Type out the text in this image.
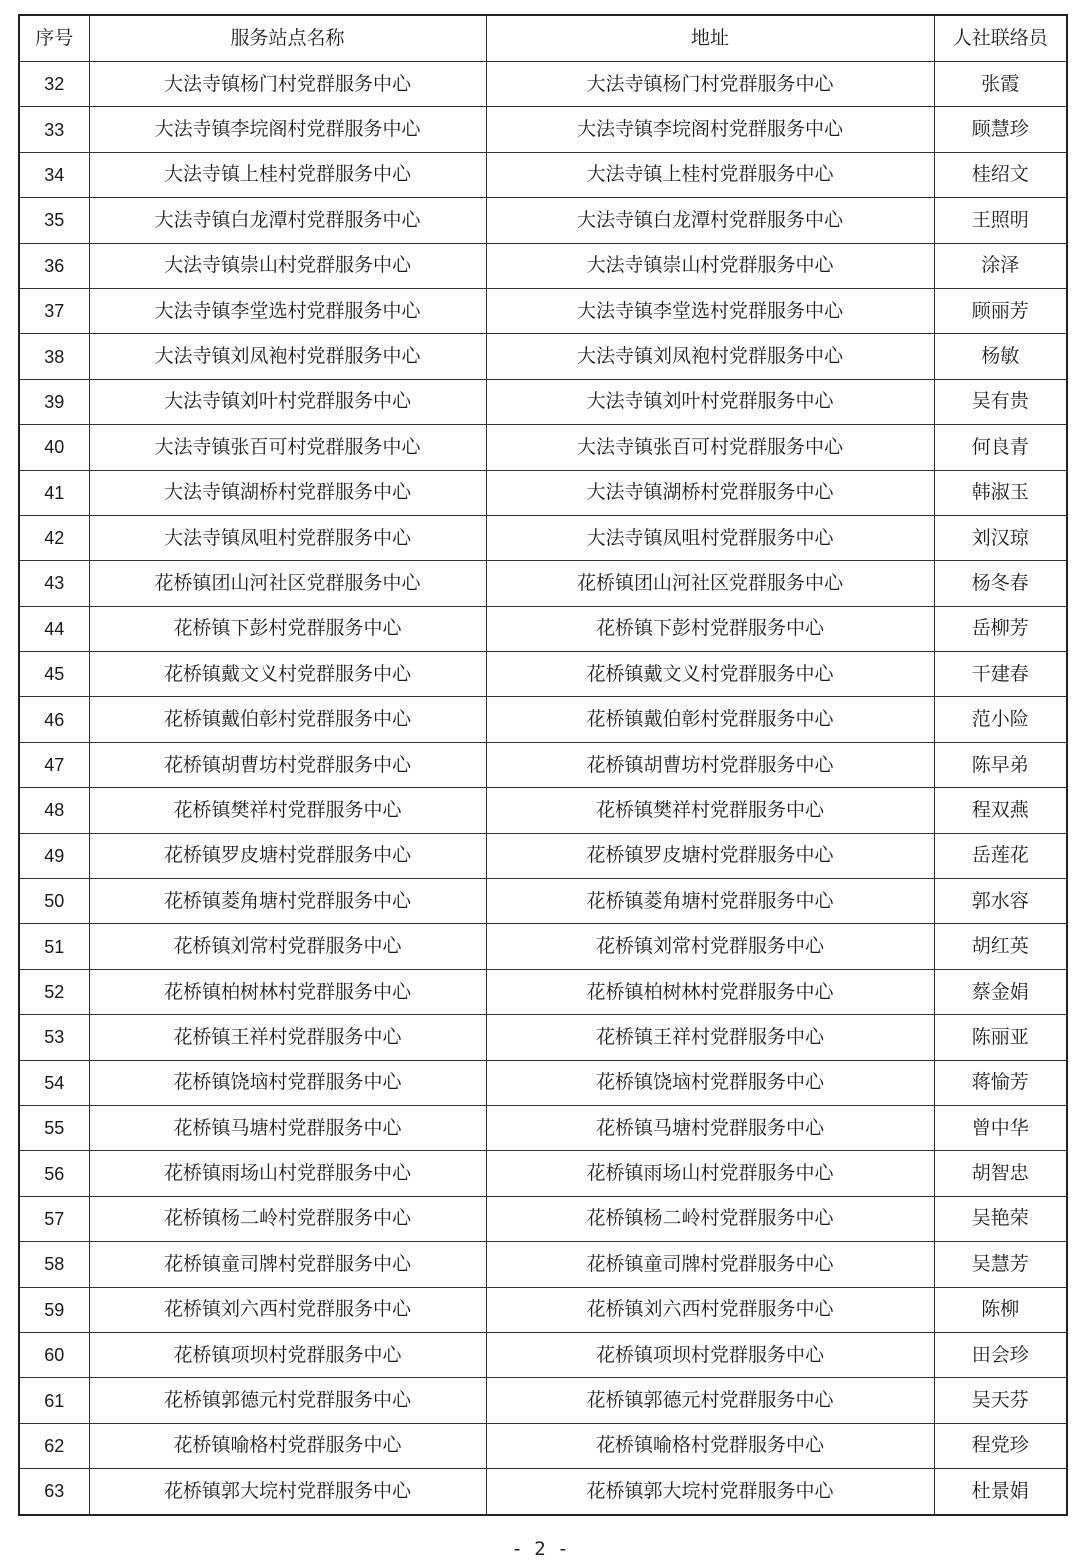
序号	服务站点名称	地址	人社联络员
32	大法寺镇杨门村党群服务中心	大法寺镇杨门村党群服务中心	张霞
33	大法寺镇李垸阁村党群服务中心	大法寺镇李垸阁村党群服务中心	顾慧珍
34	大法寺镇上桂村党群服务中心	大法寺镇上桂村党群服务中心	桂绍文
35	大法寺镇白龙潭村党群服务中心	大法寺镇白龙潭村党群服务中心	王照明
36	大法寺镇崇山村党群服务中心	大法寺镇崇山村党群服务中心	涂泽
37	大法寺镇李堂选村党群服务中心	大法寺镇李堂选村党群服务中心	顾丽芳
38	大法寺镇刘凤袍村党群服务中心	大法寺镇刘凤袍村党群服务中心	杨敏
39	大法寺镇刘叶村党群服务中心	大法寺镇刘叶村党群服务中心	吴有贵
40	大法寺镇张百可村党群服务中心	大法寺镇张百可村党群服务中心	何良青
41	大法寺镇湖桥村党群服务中心	大法寺镇湖桥村党群服务中心	韩淑玉
42	大法寺镇凤咀村党群服务中心	大法寺镇凤咀村党群服务中心	刘汉琼
43	花桥镇团山河社区党群服务中心	花桥镇团山河社区党群服务中心	杨冬春
44	花桥镇下彭村党群服务中心	花桥镇下彭村党群服务中心	岳柳芳
45	花桥镇戴文义村党群服务中心	花桥镇戴文义村党群服务中心	干建春
46	花桥镇戴伯彰村党群服务中心	花桥镇戴伯彰村党群服务中心	范小险
47	花桥镇胡曹坊村党群服务中心	花桥镇胡曹坊村党群服务中心	陈早弟
48	花桥镇樊祥村党群服务中心	花桥镇樊祥村党群服务中心	程双燕
49	花桥镇罗皮塘村党群服务中心	花桥镇罗皮塘村党群服务中心	岳莲花
50	花桥镇菱角塘村党群服务中心	花桥镇菱角塘村党群服务中心	郭水容
51	花桥镇刘常村党群服务中心	花桥镇刘常村党群服务中心	胡红英
52	花桥镇柏树林村党群服务中心	花桥镇柏树林村党群服务中心	蔡金娟
53	花桥镇王祥村党群服务中心	花桥镇王祥村党群服务中心	陈丽亚
54	花桥镇饶垴村党群服务中心	花桥镇饶垴村党群服务中心	蒋愉芳
55	花桥镇马塘村党群服务中心	花桥镇马塘村党群服务中心	曾中华
56	花桥镇雨场山村党群服务中心	花桥镇雨场山村党群服务中心	胡智忠
57	花桥镇杨二岭村党群服务中心	花桥镇杨二岭村党群服务中心	吴艳荣
58	花桥镇童司牌村党群服务中心	花桥镇童司牌村党群服务中心	吴慧芳
59	花桥镇刘六西村党群服务中心	花桥镇刘六西村党群服务中心	陈柳
60	花桥镇项坝村党群服务中心	花桥镇项坝村党群服务中心	田会珍
61	花桥镇郭德元村党群服务中心	花桥镇郭德元村党群服务中心	吴天芬
62	花桥镇喻格村党群服务中心	花桥镇喻格村党群服务中心	程党珍
63	花桥镇郭大垸村党群服务中心	花桥镇郭大垸村党群服务中心	杜景娟
- 2 -
